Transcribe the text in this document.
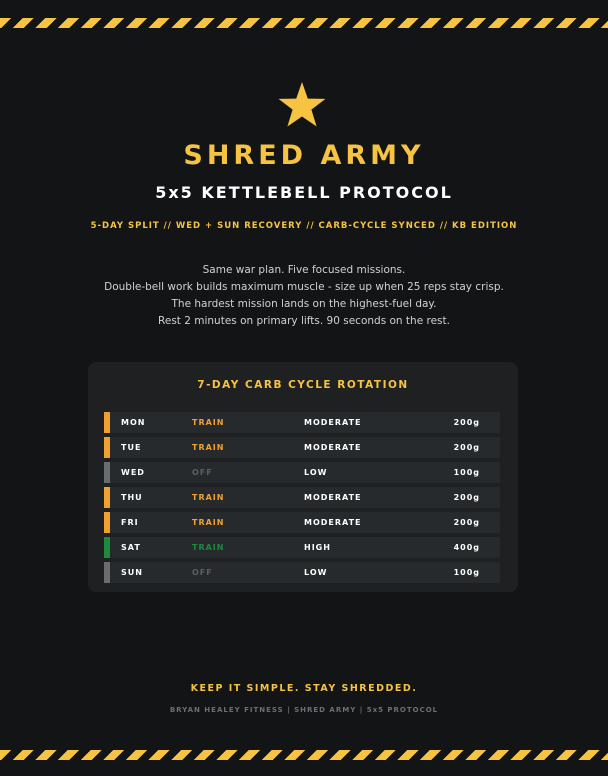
SHRED ARMY
5x5 KETTLEBELL PROTOCOL
5-DAY SPLIT // WED + SUN RECOVERY // CARB-CYCLE SYNCED // KB EDITION
Same war plan. Five focused missions.
Double-bell work builds maximum muscle - size up when 25 reps stay crisp.
The hardest mission lands on the highest-fuel day.
Rest 2 minutes on primary lifts. 90 seconds on the rest.
7-DAY CARB CYCLE ROTATION
MON	TRAIN	MODERATE	200g
TUE	TRAIN	MODERATE	200g
WED	OFF	LOW	100g
THU	TRAIN	MODERATE	200g
FRI	TRAIN	MODERATE	200g
SAT	TRAIN	HIGH	400g
SUN	OFF	LOW	100g
KEEP IT SIMPLE. STAY SHREDDED.
BRYAN HEALEY FITNESS | SHRED ARMY | 5x5 PROTOCOL
